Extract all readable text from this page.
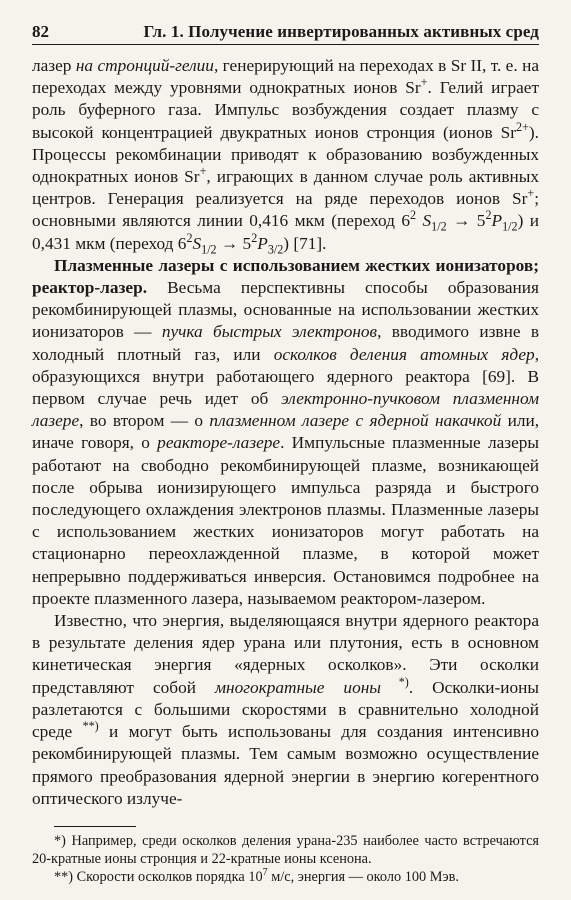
82	Гл. 1. Получение инвертированных активных сред

лазер на стронций-гелии, генерирующий на переходах в Sr II, т. е. на переходах между уровнями однократных ионов Sr+. Гелий играет роль буферного газа. Импульс возбуждения создает плазму с высокой концентрацией двукратных ионов стронция (ионов $Sr^{2+}$). Процессы рекомбинации приводят к образованию возбужденных однократных ионов Sr+, играющих в данном случае роль активных центров. Генерация реализуется на ряде переходов ионов Sr+; основными являются линии 0,416 мкм (переход $6^2$ $S_{1/2} \to 5^2P_{1/2}$) и 0,431 мкм (переход $6^2S_{1/2} \to 5^2P_{3/2}$) [71].

Плазменные лазеры с использованием жестких ионизаторов; реактор-лазер. Весьма перспективны способы образования рекомбинирующей плазмы, основанные на использовании жестких ионизаторов — пучка быстрых электронов, вводимого извне в холодный плотный газ, или осколков деления атомных ядер, образующихся внутри работающего ядерного реактора [69]. В первом случае речь идет об электронно-пучковом плазменном лазере, во втором — о плазменном лазере с ядерной накачкой или, иначе говоря, о реакторе-лазере. Импульсные плазменные лазеры работают на свободно рекомбинирующей плазме, возникающей после обрыва ионизирующего импульса разряда и быстрого последующего охлаждения электронов плазмы. Плазменные лазеры с использованием жестких ионизаторов могут работать на стационарно переохлажденной плазме, в которой может непрерывно поддерживаться инверсия. Остановимся подробнее на проекте плазменного лазера, называемом реактором-лазером.

Известно, что энергия, выделяющаяся внутри ядерного реактора в результате деления ядер урана или плутония, есть в основном кинетическая энергия «ядерных осколков». Эти осколки представляют собой многократные ионы *). Осколки-ионы разлетаются с большими скоростями в сравнительно холодной среде **) и могут быть использованы для создания интенсивно рекомбинирующей плазмы. Тем самым возможно осуществление прямого преобразования ядерной энергии в энергию когерентного оптического излуче-

*) Например, среди осколков деления урана-235 наиболее часто встречаются 20-кратные ионы стронция и 22-кратные ионы ксенона.

**) Скорости осколков порядка $10^7$ м/с, энергия — около 100 Мэв.
